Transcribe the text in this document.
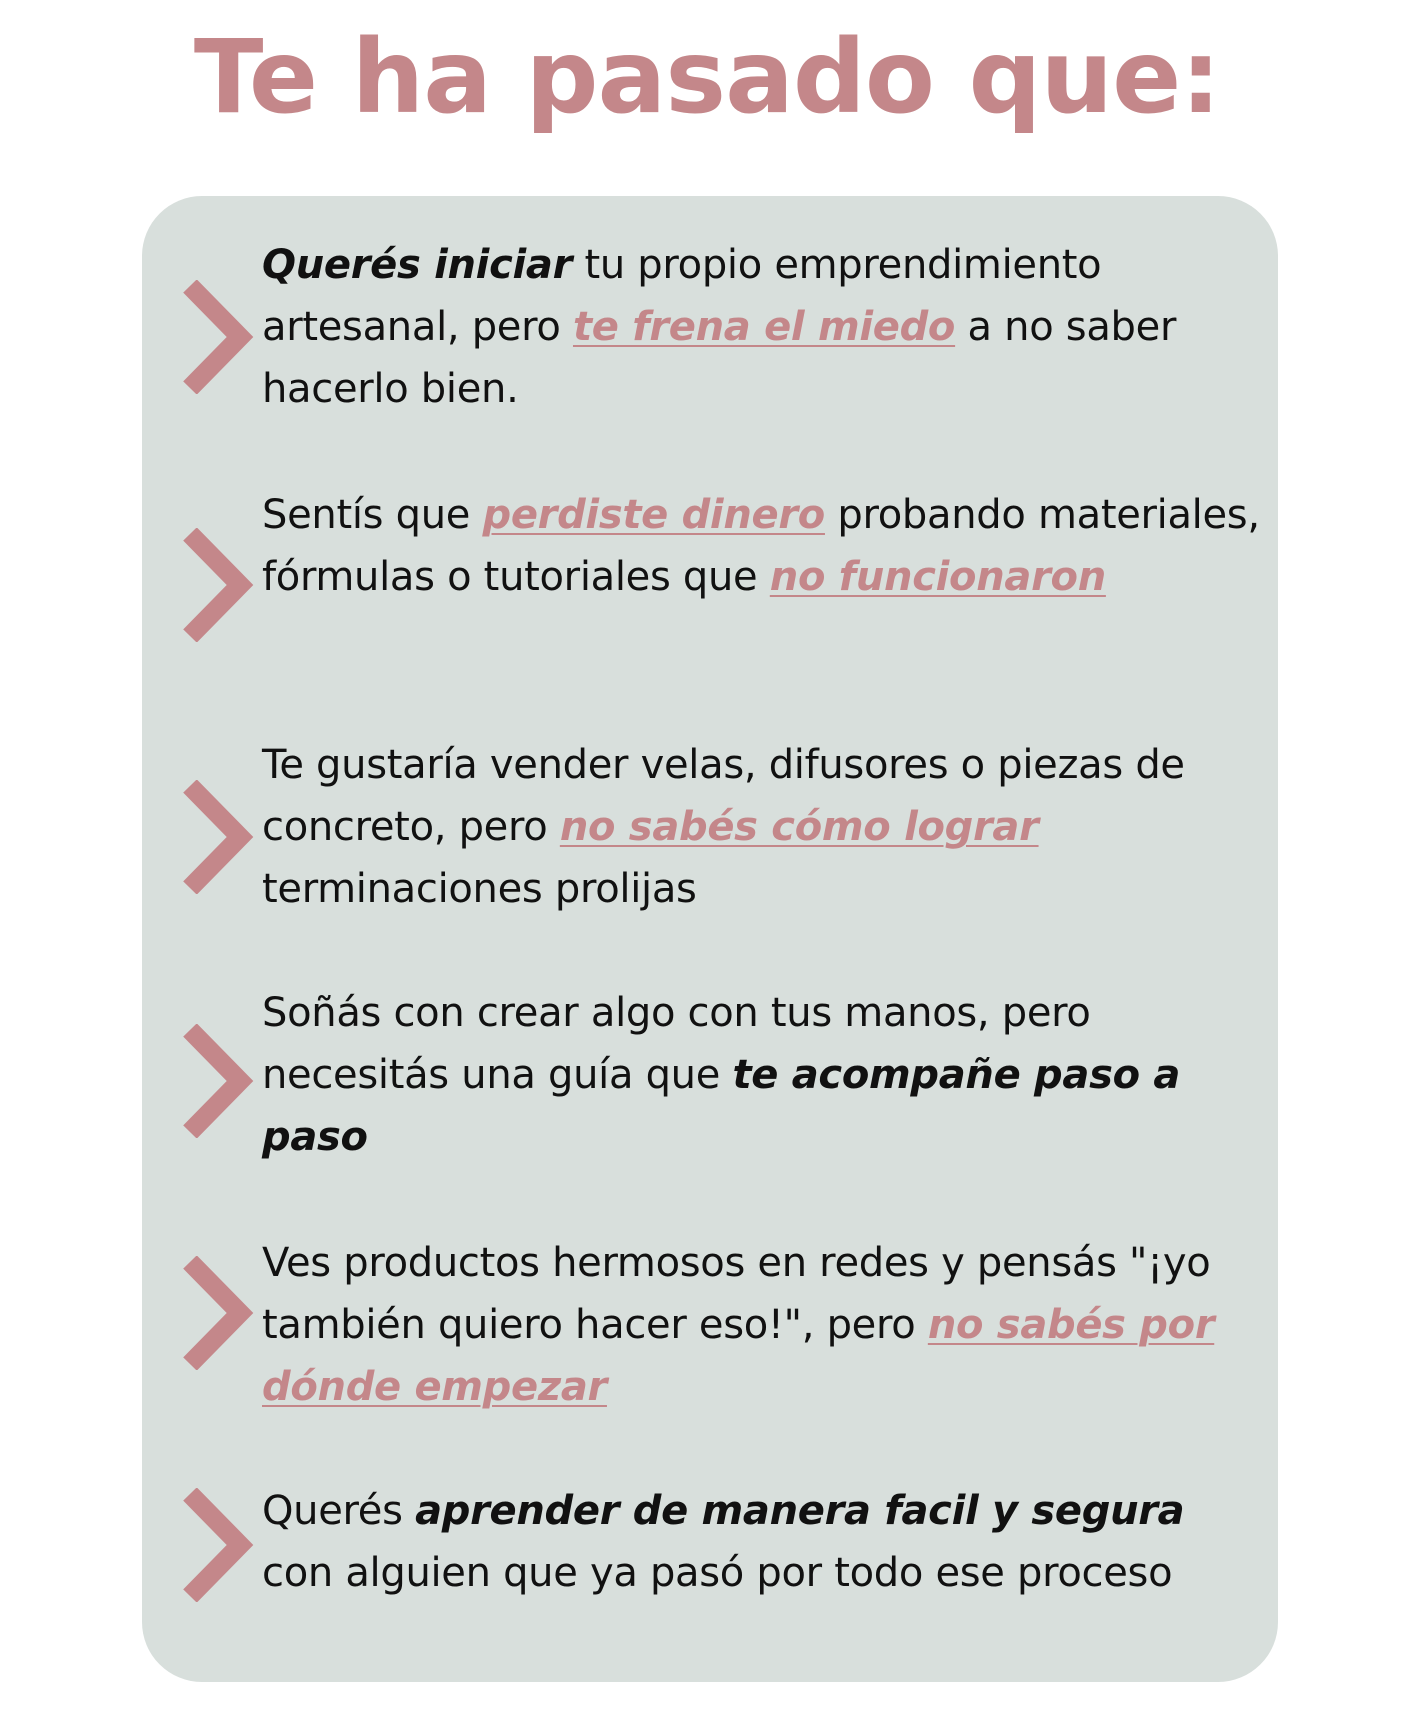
Te ha pasado que:

Querés iniciar tu propio emprendimiento artesanal, pero te frena el miedo a no saber hacerlo bien.

Sentís que perdiste dinero probando materiales, fórmulas o tutoriales que no funcionaron

Te gustaría vender velas, difusores o piezas de concreto, pero no sabés cómo lograr terminaciones prolijas

Soñás con crear algo con tus manos, pero necesitás una guía que te acompañe paso a paso

Ves productos hermosos en redes y pensás "¡yo también quiero hacer eso!", pero no sabés por dónde empezar

Querés aprender de manera facil y segura con alguien que ya pasó por todo ese proceso
